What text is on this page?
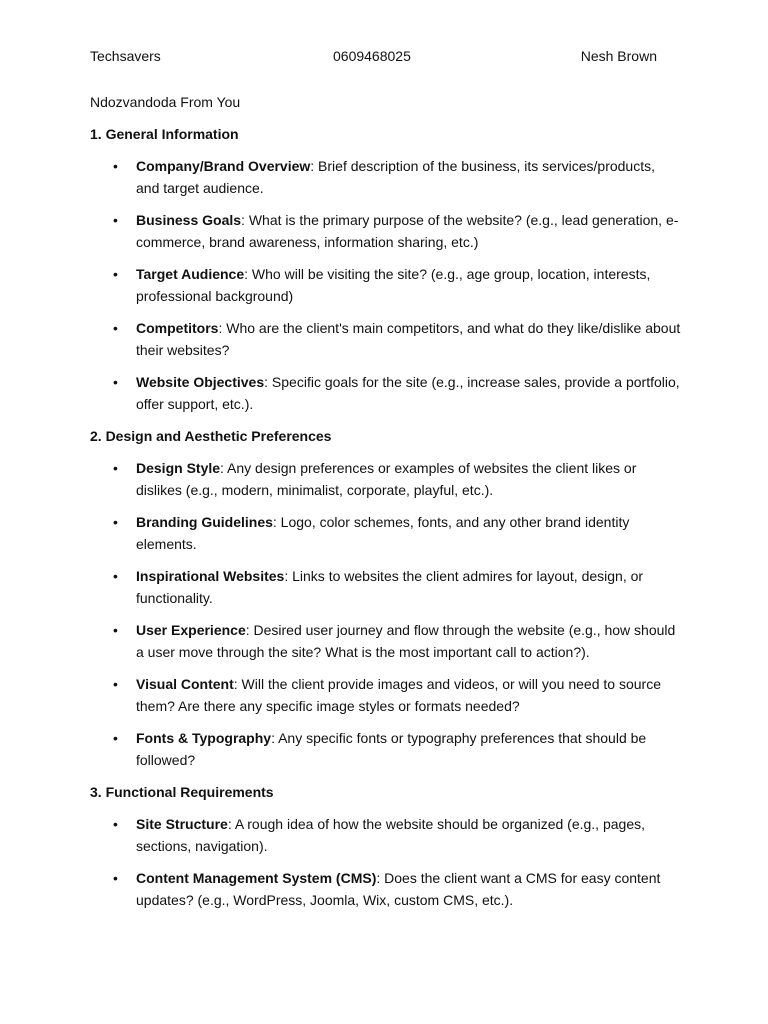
Techsavers	0609468025	Nesh Brown

Ndozvandoda From You

1. General Information

• Company/Brand Overview: Brief description of the business, its services/products, and target audience.
• Business Goals: What is the primary purpose of the website? (e.g., lead generation, e-commerce, brand awareness, information sharing, etc.)
• Target Audience: Who will be visiting the site? (e.g., age group, location, interests, professional background)
• Competitors: Who are the client's main competitors, and what do they like/dislike about their websites?
• Website Objectives: Specific goals for the site (e.g., increase sales, provide a portfolio, offer support, etc.).

2. Design and Aesthetic Preferences

• Design Style: Any design preferences or examples of websites the client likes or dislikes (e.g., modern, minimalist, corporate, playful, etc.).
• Branding Guidelines: Logo, color schemes, fonts, and any other brand identity elements.
• Inspirational Websites: Links to websites the client admires for layout, design, or functionality.
• User Experience: Desired user journey and flow through the website (e.g., how should a user move through the site? What is the most important call to action?).
• Visual Content: Will the client provide images and videos, or will you need to source them? Are there any specific image styles or formats needed?
• Fonts & Typography: Any specific fonts or typography preferences that should be followed?

3. Functional Requirements

• Site Structure: A rough idea of how the website should be organized (e.g., pages, sections, navigation).
• Content Management System (CMS): Does the client want a CMS for easy content updates? (e.g., WordPress, Joomla, Wix, custom CMS, etc.).
